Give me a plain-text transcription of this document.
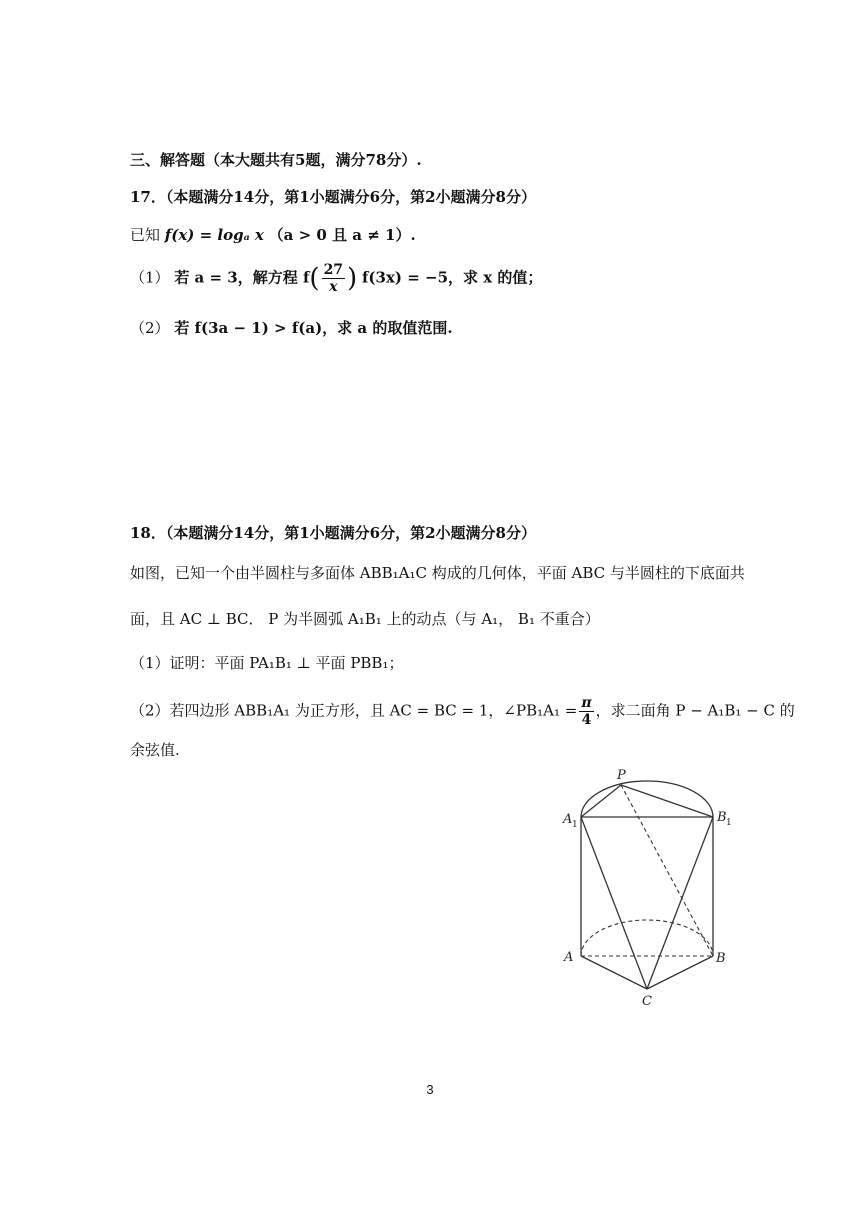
三、解答题（本大题共有5题，满分78分）.
17．（本题满分14分，第1小题满分6分，第2小题满分8分）
已知 f(x) = logₐ x （a > 0 且 a ≠ 1）.
（1） 若 a = 3，解方程 $f( \frac{27}{x}$ ) f(3x) = −5，求 x 的值；
（2） 若 f(3a − 1) > f(a)，求 a 的取值范围.
18．（本题满分14分，第1小题满分6分，第2小题满分8分）
如图，已知一个由半圆柱与多面体 ABB₁A₁C 构成的几何体，平面 ABC 与半圆柱的下底面共
面，且 AC ⊥ BC． P 为半圆弧 A₁B₁ 上的动点（与 A₁， B₁ 不重合）
（1）证明：平面 PA₁B₁ ⊥ 平面 PBB₁；
（2）若四边形 ABB₁A₁ 为正方形，且 AC = BC = 1，∠PB₁A₁ = $\frac{\pi}{4}$ ，求二面角 P − A₁B₁ − C 的
余弦值.
P
A 1	B 1
A	B
C
3
